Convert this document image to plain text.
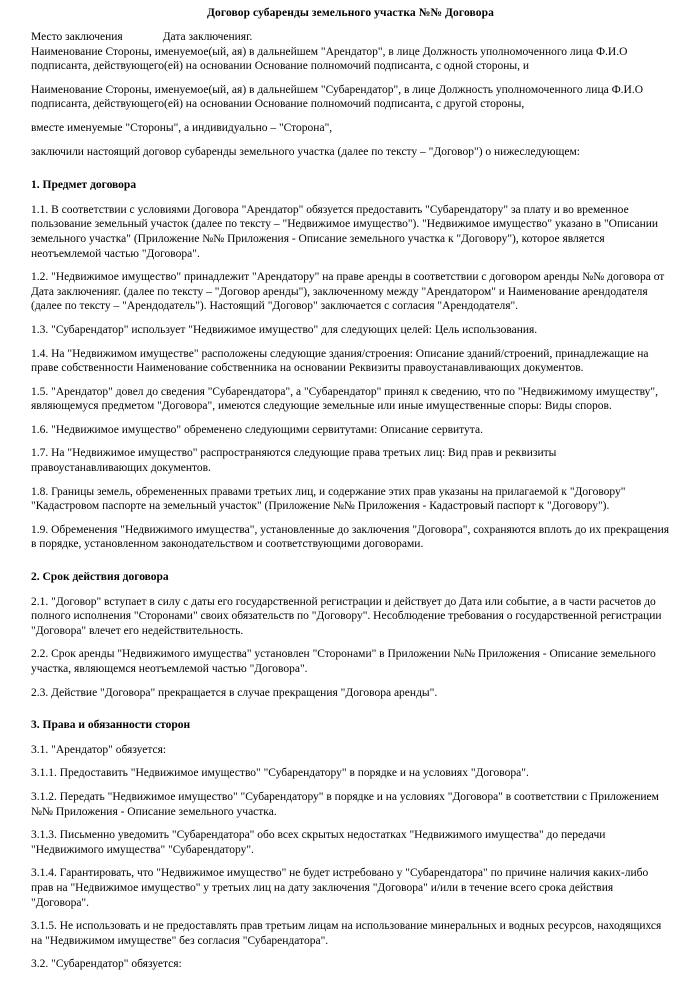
Договор субаренды земельного участка №№ Договора
Место заключения	Дата заключенияг.
Наименование Стороны, именуемое(ый, ая) в дальнейшем "Арендатор", в лице Должность уполномоченного лица Ф.И.О подписанта, действующего(ей) на основании Основание полномочий подписанта, с одной стороны, и
Наименование Стороны, именуемое(ый, ая) в дальнейшем "Субарендатор", в лице Должность уполномоченного лица Ф.И.О подписанта, действующего(ей) на основании Основание полномочий подписанта, с другой стороны,
вместе именуемые "Стороны", а индивидуально – "Сторона",
заключили настоящий договор субаренды земельного участка (далее по тексту – "Договор") о нижеследующем:
1. Предмет договора
1.1. В соответствии с условиями Договора "Арендатор" обязуется предоставить "Субарендатору" за плату и во временное пользование земельный участок (далее по тексту – "Недвижимое имущество"). "Недвижимое имущество" указано в "Описании земельного участка" (Приложение №№ Приложения - Описание земельного участка к "Договору"), которое является неотъемлемой частью "Договора".
1.2. "Недвижимое имущество" принадлежит "Арендатору" на праве аренды в соответствии с договором аренды №№ договора от Дата заключенияг. (далее по тексту – "Договор аренды"), заключенному между "Арендатором" и Наименование арендодателя (далее по тексту – "Арендодатель"). Настоящий "Договор" заключается с согласия "Арендодателя".
1.3. "Субарендатор" использует "Недвижимое имущество" для следующих целей: Цель использования.
1.4. На "Недвижимом имуществе" расположены следующие здания/строения: Описание зданий/строений, принадлежащие на праве собственности Наименование собственника на основании Реквизиты правоустанавливающих документов.
1.5. "Арендатор" довел до сведения "Субарендатора", а "Субарендатор" принял к сведению, что по "Недвижимому имуществу", являющемуся предметом "Договора", имеются следующие земельные или иные имущественные споры: Виды споров.
1.6. "Недвижимое имущество" обременено следующими сервитутами: Описание сервитута.
1.7. На "Недвижимое имущество" распространяются следующие права третьих лиц: Вид прав и реквизиты правоустанавливающих документов.
1.8. Границы земель, обремененных правами третьих лиц, и содержание этих прав указаны на прилагаемой к "Договору" "Кадастровом паспорте на земельный участок" (Приложение №№ Приложения - Кадастровый паспорт к "Договору").
1.9. Обременения "Недвижимого имущества", установленные до заключения "Договора", сохраняются вплоть до их прекращения в порядке, установленном законодательством и соответствующими договорами.
2. Срок действия договора
2.1. "Договор" вступает в силу с даты его государственной регистрации и действует до Дата или событие, а в части расчетов до полного исполнения "Сторонами" своих обязательств по "Договору". Несоблюдение требования о государственной регистрации "Договора" влечет его недействительность.
2.2. Срок аренды "Недвижимого имущества" установлен "Сторонами" в Приложении №№ Приложения - Описание земельного участка, являющемся неотъемлемой частью "Договора".
2.3. Действие "Договора" прекращается в случае прекращения "Договора аренды".
3. Права и обязанности сторон
3.1. "Арендатор" обязуется:
3.1.1. Предоставить "Недвижимое имущество" "Субарендатору" в порядке и на условиях "Договора".
3.1.2. Передать "Недвижимое имущество" "Субарендатору" в порядке и на условиях "Договора" в соответствии с Приложением №№ Приложения - Описание земельного участка.
3.1.3. Письменно уведомить "Субарендатора" обо всех скрытых недостатках "Недвижимого имущества" до передачи "Недвижимого имущества" "Субарендатору".
3.1.4. Гарантировать, что "Недвижимое имущество" не будет истребовано у "Субарендатора" по причине наличия каких-либо прав на "Недвижимое имущество" у третьих лиц на дату заключения "Договора" и/или в течение всего срока действия "Договора".
3.1.5. Не использовать и не предоставлять прав третьим лицам на использование минеральных и водных ресурсов, находящихся на "Недвижимом имуществе" без согласия "Субарендатора".
3.2. "Субарендатор" обязуется:
